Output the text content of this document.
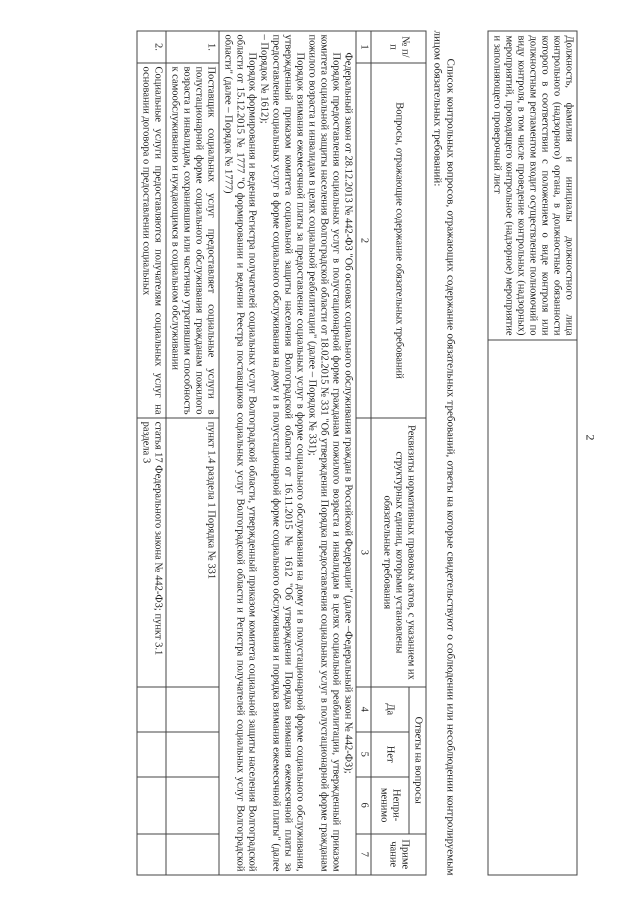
2
Должность, фамилия и инициалы должностного лица контрольного (надзорного) органа, в должностные обязанности которого в соответствии с положением о виде контроля или должностным регламентом входит осуществление полномочий по виду контроля, в том числе проведение контрольных (надзорных) мероприятий, проводящего контрольное (надзорное) мероприятие и заполняющего проверочный лист	
Список контрольных вопросов, отражающих содержание обязательных требований, ответы на которые свидетельствуют о соблюдении или несоблюдении контролируемым лицом обязательных требований:
№ п/п	Вопросы, отражающие содержание обязательных требований	Реквизиты нормативных правовых актов, с указанием их структурных единиц, которыми установлены обязательные требования	Ответы на вопросы			Приме чание
			Да	Нет	Непри-менимо	
1	2	3	4	5	6	7

Федеральный закон от 28.12.2013 № 442-ФЗ "Об основах социального обслуживания граждан в Российской Федерации" (далее –Федеральный закон № 442-ФЗ);

Порядок предоставления социальных услуг в полустационарной форме гражданам пожилого возраста и инвалидам в целях социальной реабилитации, утвержденный приказом комитета социальной защиты населения Волгоградской области от 18.02.2015 № 331 "Об утверждении Порядка предоставления социальных услуг в полустационарной форме гражданам пожилого возраста и инвалидам в целях социальной реабилитации" (далее – Порядок № 331);

Порядок взимания ежемесячной платы за предоставление социальных услуг в форме социального обслуживания на дому и в полустационарной форме социального обслуживания, утвержденный приказом комитета социальной защиты населения Волгоградской области от 16.11.2015 № 1612 "Об утверждении Порядка взимания ежемесячной платы за предоставление социальных услуг в форме социального обслуживания на дому и в полустационарной форме социального обслуживания и порядка взимания ежемесячной платы" (далее – Порядок № 1612);

Порядок формирования и ведения Регистра получателей социальных услуг Волгоградской области, утвержденный приказом комитета социальной защиты населения Волгоградской области от 15.12.2015 № 1777 "О формировании и ведении Реестра поставщиков социальных услуг Волгоградской области и Регистра получателей социальных услуг Волгоградской области" (далее – Порядок № 1777)						

1.	Поставщик социальных услуг предоставляет социальные услуги в полустационарной форме социального обслуживания гражданам пожилого возраста и инвалидам, сохранившим или частично утратившим способность к самообслуживанию и нуждающимся в социальном обслуживании	пункт 1.4 раздела 1 Порядка № 331				
2.	Социальные услуги предоставляются получателям социальных услуг на основании договора о предоставлении социальных	статья 17 Федерального закона № 442-ФЗ; пункт 3.1 раздела 3				
